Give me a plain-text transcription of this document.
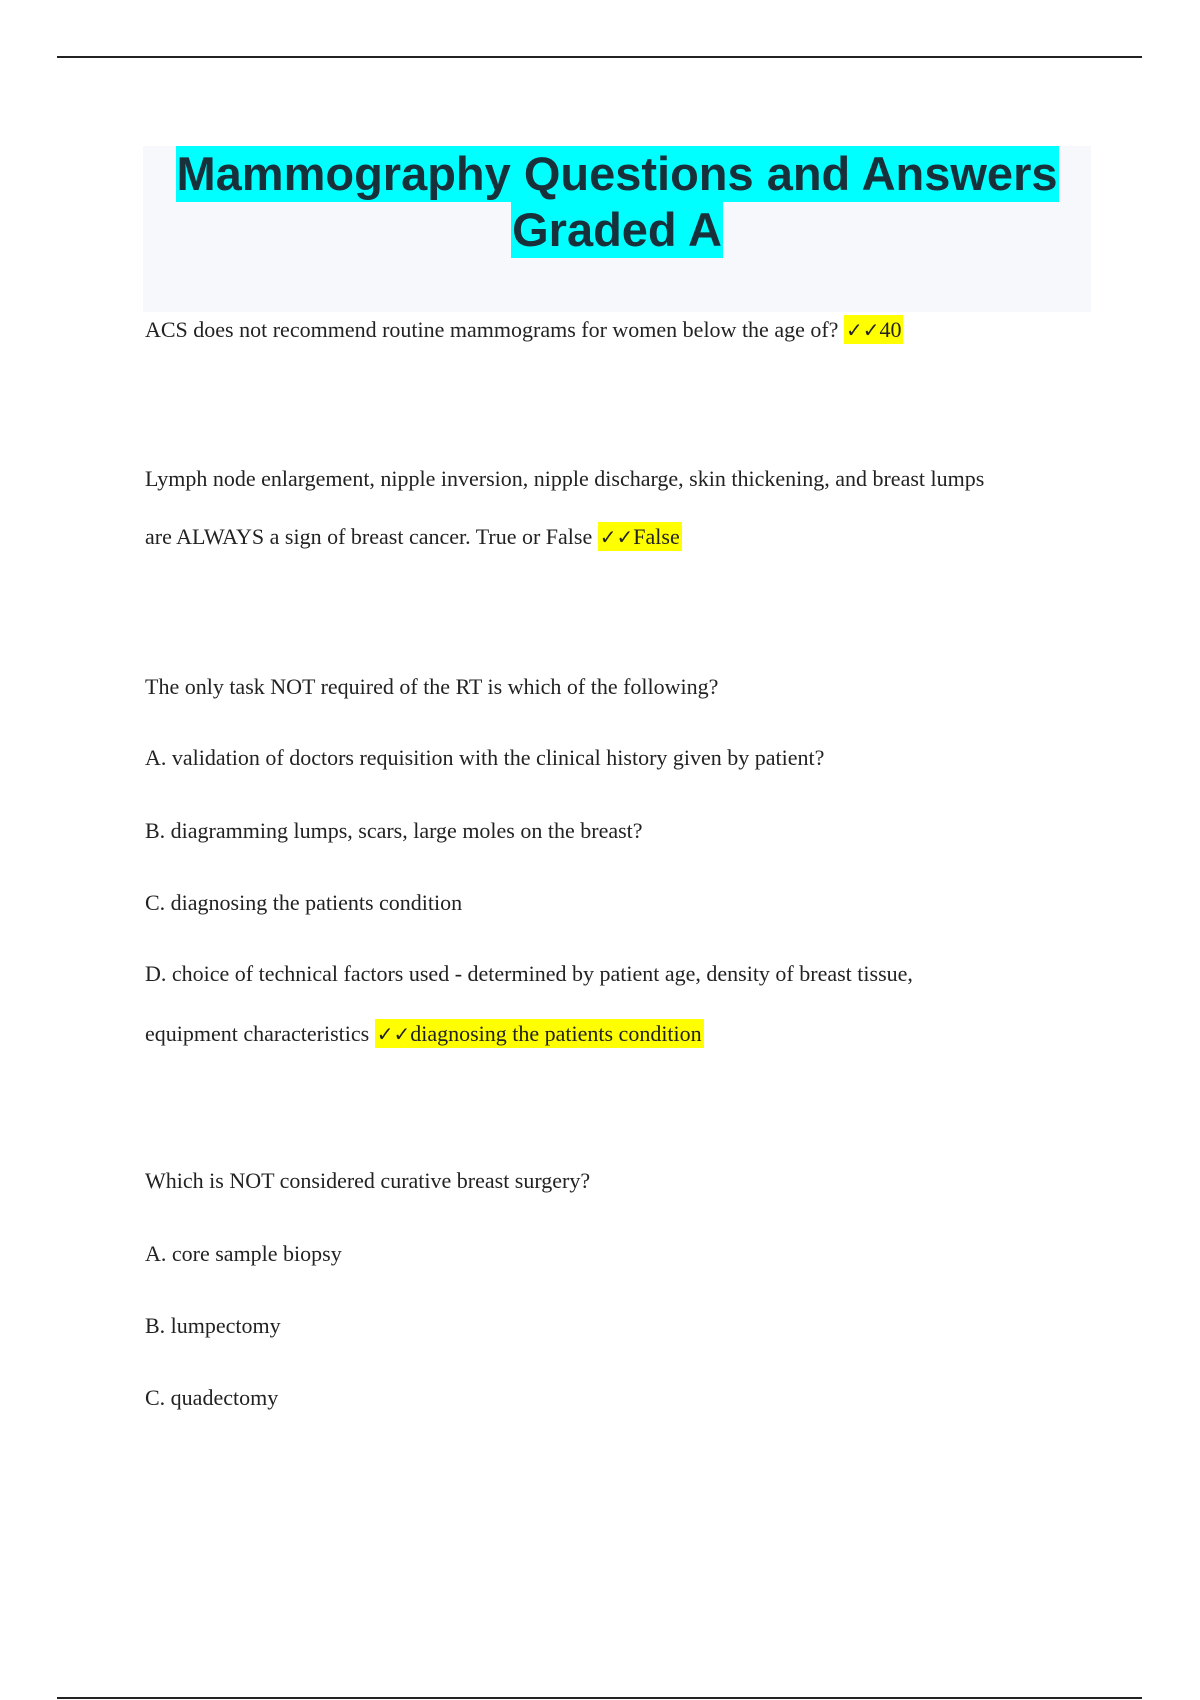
Mammography Questions and Answers
Graded A
ACS does not recommend routine mammograms for women below the age of? ✓✓40
Lymph node enlargement, nipple inversion, nipple discharge, skin thickening, and breast lumps
are ALWAYS a sign of breast cancer. True or False ✓✓False
The only task NOT required of the RT is which of the following?
A. validation of doctors requisition with the clinical history given by patient?
B. diagramming lumps, scars, large moles on the breast?
C. diagnosing the patients condition
D. choice of technical factors used - determined by patient age, density of breast tissue,
equipment characteristics ✓✓diagnosing the patients condition
Which is NOT considered curative breast surgery?
A. core sample biopsy
B. lumpectomy
C. quadectomy
